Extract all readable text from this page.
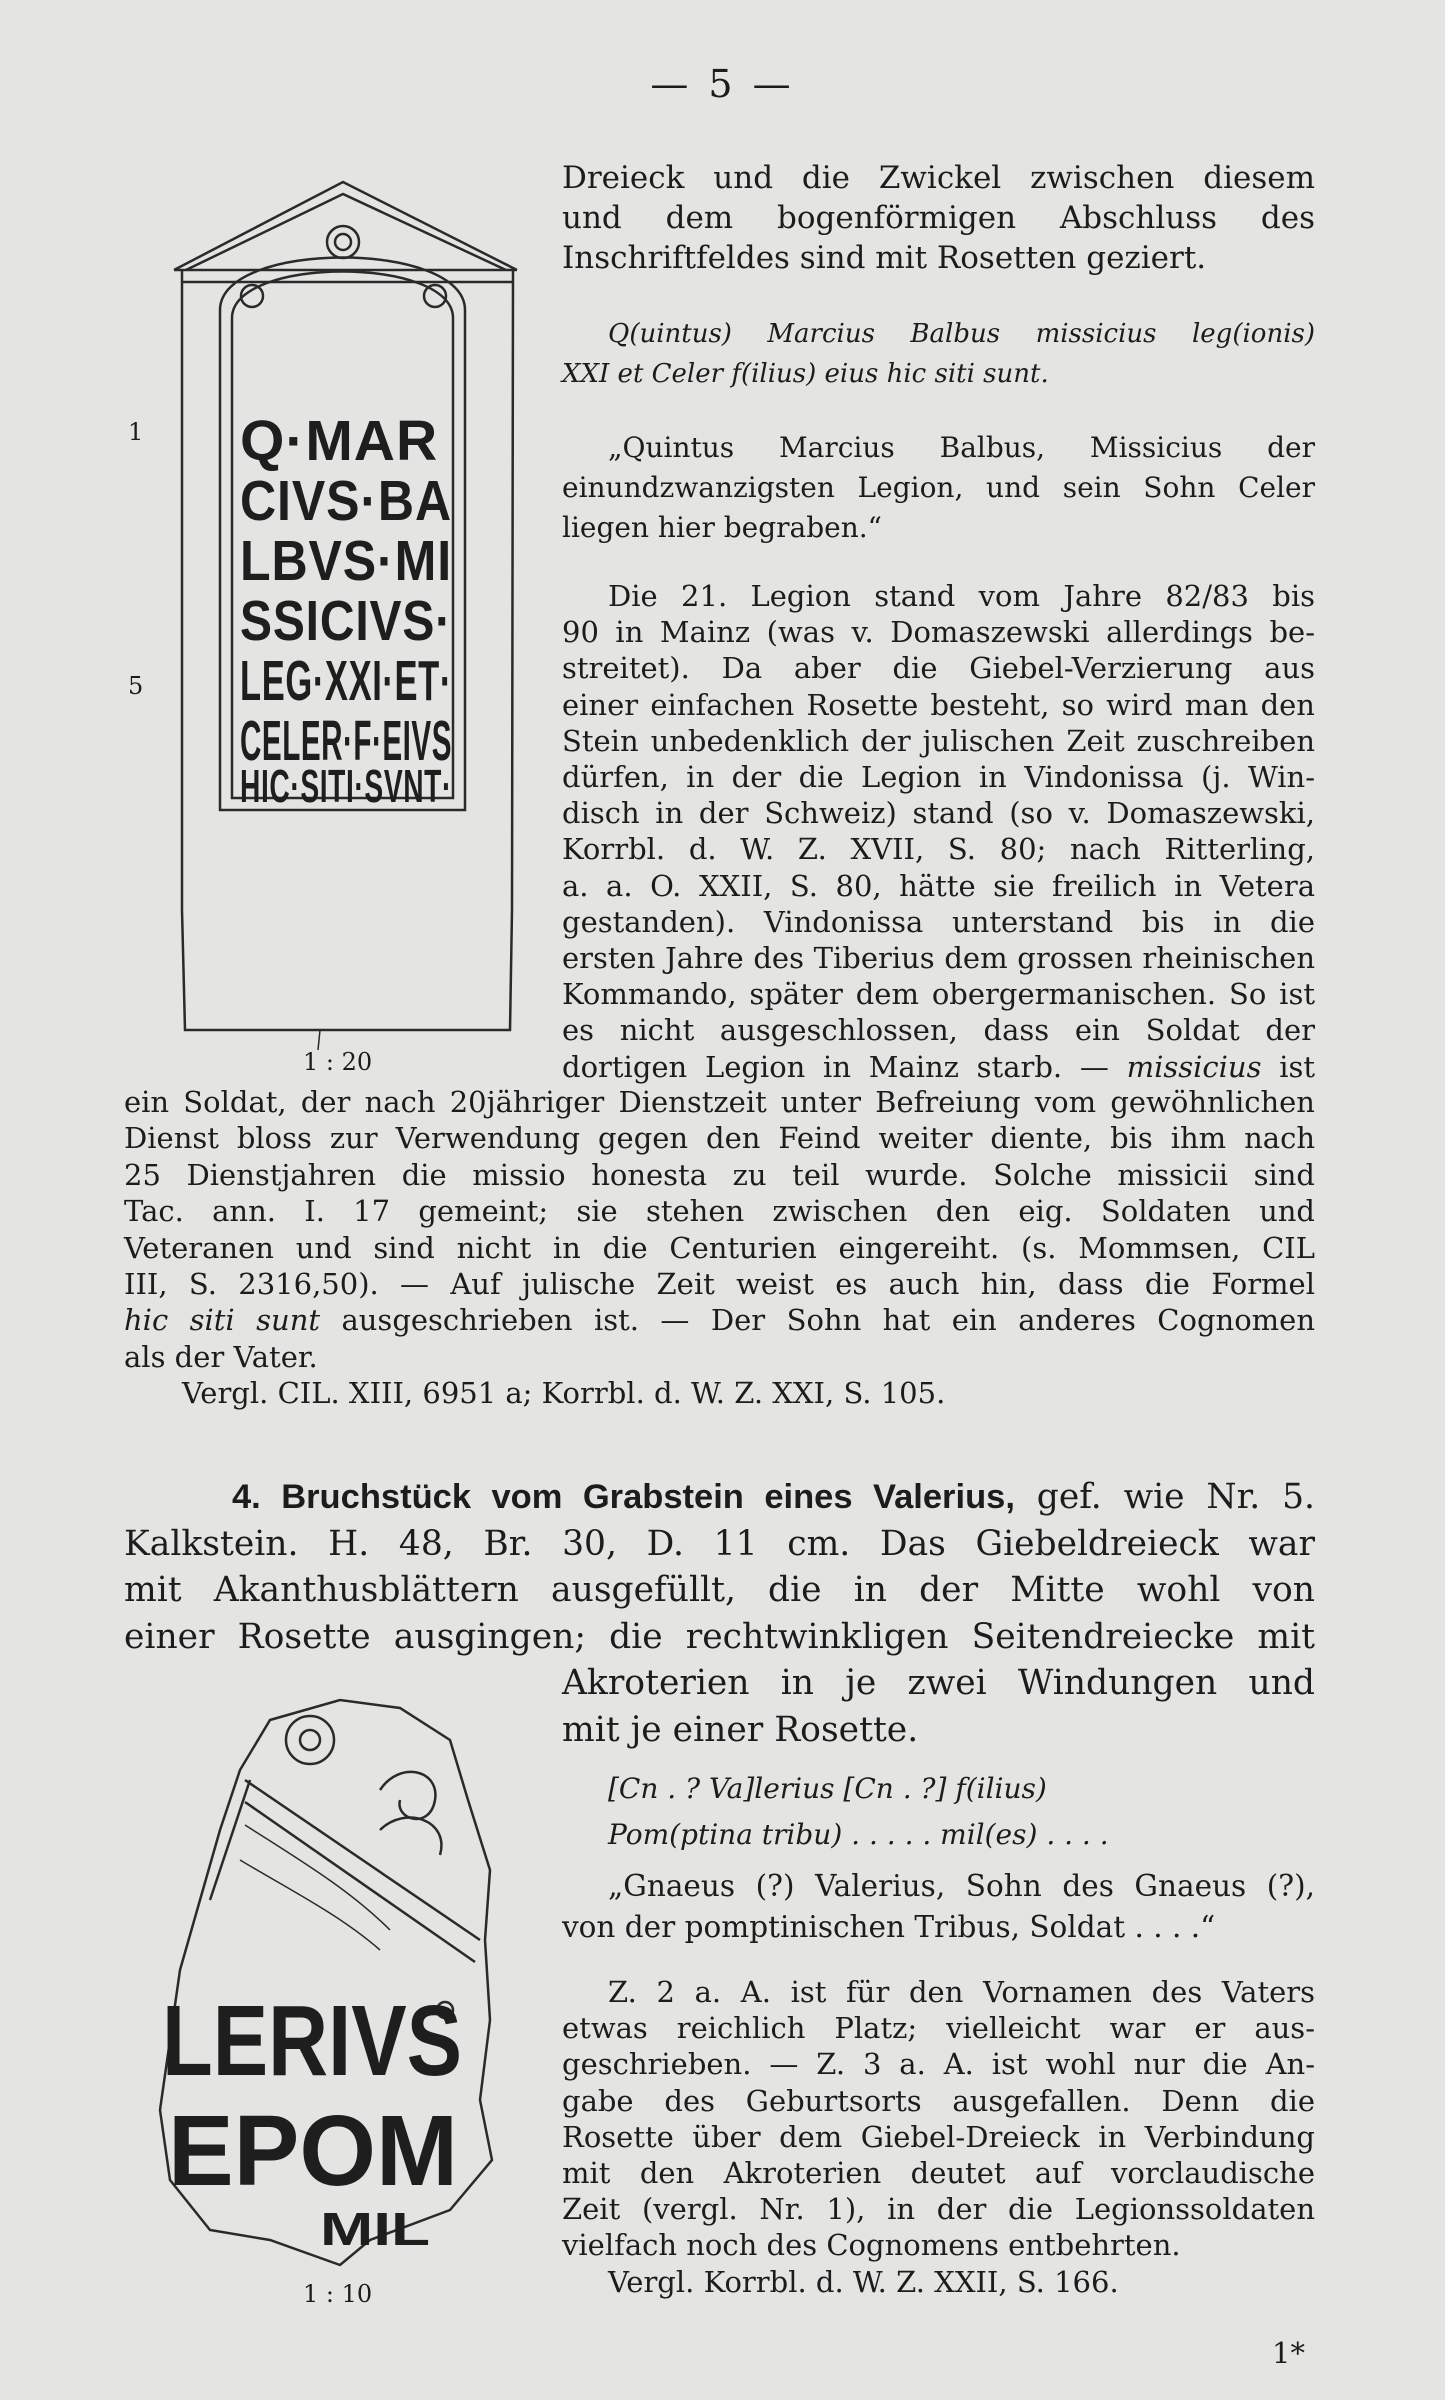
— 5 —
Q·MAR
CIVS·BA
LBVS·MI
SSICIVS·
LEG·XXI·ET·
CELER·F·EIVS
HIC·SITI·SVNT·
1
5
1 : 20
Dreieck und die Zwickel zwischen diesem
und dem bogenförmigen Abschluss des
Inschriftfeldes sind mit Rosetten geziert.
Q(uintus) Marcius Balbus missicius leg(ionis)
XXI et Celer f(ilius) eius hic siti sunt.
„Quintus Marcius Balbus, Missicius der
einundzwanzigsten Legion, und sein Sohn Celer
liegen hier begraben.“
Die 21. Legion stand vom Jahre 82/83 bis
90 in Mainz (was v. Domaszewski allerdings be-
streitet). Da aber die Giebel-Verzierung aus
einer einfachen Rosette besteht, so wird man den
Stein unbedenklich der julischen Zeit zuschreiben
dürfen, in der die Legion in Vindonissa (j. Win-
disch in der Schweiz) stand (so v. Domaszewski,
Korrbl. d. W. Z. XVII, S. 80; nach Ritterling,
a. a. O. XXII, S. 80, hätte sie freilich in Vetera
gestanden). Vindonissa unterstand bis in die
ersten Jahre des Tiberius dem grossen rheinischen
Kommando, später dem obergermanischen. So ist
es nicht ausgeschlossen, dass ein Soldat der
dortigen Legion in Mainz starb. — missicius ist
ein Soldat, der nach 20jähriger Dienstzeit unter Befreiung vom gewöhnlichen
Dienst bloss zur Verwendung gegen den Feind weiter diente, bis ihm nach
25 Dienstjahren die missio honesta zu teil wurde. Solche missicii sind
Tac. ann. I. 17 gemeint; sie stehen zwischen den eig. Soldaten und
Veteranen und sind nicht in die Centurien eingereiht. (s. Mommsen, CIL
III, S. 2316,50). — Auf julische Zeit weist es auch hin, dass die Formel
hic siti sunt ausgeschrieben ist. — Der Sohn hat ein anderes Cognomen
als der Vater.
Vergl. CIL. XIII, 6951 a; Korrbl. d. W. Z. XXI, S. 105.
4. Bruchstück vom Grabstein eines Valerius, gef. wie Nr. 5.
Kalkstein. H. 48, Br. 30, D. 11 cm. Das Giebeldreieck war
mit Akanthusblättern ausgefüllt, die in der Mitte wohl von
einer Rosette ausgingen; die rechtwinkligen Seitendreiecke mit
Akroterien in je zwei Windungen und
mit je einer Rosette.
[Cn . ? Va]lerius [Cn . ?] f(ilius)
Pom(ptina tribu) . . . . . mil(es) . . . .
„Gnaeus (?) Valerius, Sohn des Gnaeus (?),
von der pomptinischen Tribus, Soldat . . . .“
Z. 2 a. A. ist für den Vornamen des Vaters
etwas reichlich Platz; vielleicht war er aus-
geschrieben. — Z. 3 a. A. ist wohl nur die An-
gabe des Geburtsorts ausgefallen. Denn die
Rosette über dem Giebel-Dreieck in Verbindung
mit den Akroterien deutet auf vorclaudische
Zeit (vergl. Nr. 1), in der die Legionssoldaten
vielfach noch des Cognomens entbehrten.
Vergl. Korrbl. d. W. Z. XXII, S. 166.
LERIVS
EPOM
MIL
1 : 10
1*
